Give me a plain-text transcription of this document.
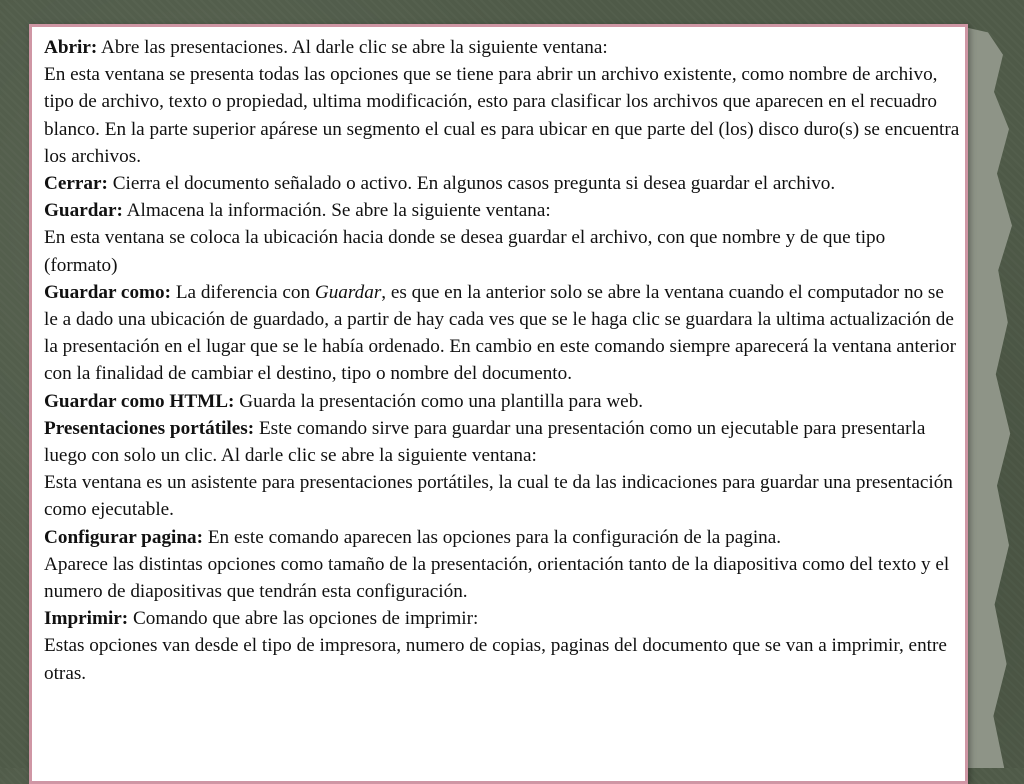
Abrir: Abre las presentaciones. Al darle clic se abre la siguiente ventana:

En esta ventana se presenta todas las opciones que se tiene para abrir un archivo existente, como nombre de archivo, tipo de archivo, texto o propiedad, ultima modificación, esto para clasificar los archivos que aparecen en el recuadro blanco. En la parte superior apárese un segmento el cual es para ubicar en que parte del (los) disco duro(s) se encuentra los archivos.

Cerrar: Cierra el documento señalado o activo. En algunos casos pregunta si desea guardar el archivo.

Guardar: Almacena la información. Se abre la siguiente ventana:

En esta ventana se coloca la ubicación hacia donde se desea guardar el archivo, con que nombre y de que tipo (formato)

Guardar como: La diferencia con Guardar, es que en la anterior solo se abre la ventana cuando el computador no se le a dado una ubicación de guardado, a partir de hay cada ves que se le haga clic se guardara la ultima actualización de la presentación en el lugar que se le había ordenado. En cambio en este comando siempre aparecerá la ventana anterior con la finalidad de cambiar el destino, tipo o nombre del documento.

Guardar como HTML: Guarda la presentación como una plantilla para web.

Presentaciones portátiles: Este comando sirve para guardar una presentación como un ejecutable para presentarla luego con solo un clic. Al darle clic se abre la siguiente ventana:

Esta ventana es un asistente para presentaciones portátiles, la cual te da las indicaciones para guardar una presentación como ejecutable.

Configurar pagina: En este comando aparecen las opciones para la configuración de la pagina.

Aparece las distintas opciones como tamaño de la presentación, orientación tanto de la diapositiva como del texto y el numero de diapositivas que tendrán esta configuración.

Imprimir: Comando que abre las opciones de imprimir:

Estas opciones van desde el tipo de impresora, numero de copias, paginas del documento que se van a imprimir, entre otras.
